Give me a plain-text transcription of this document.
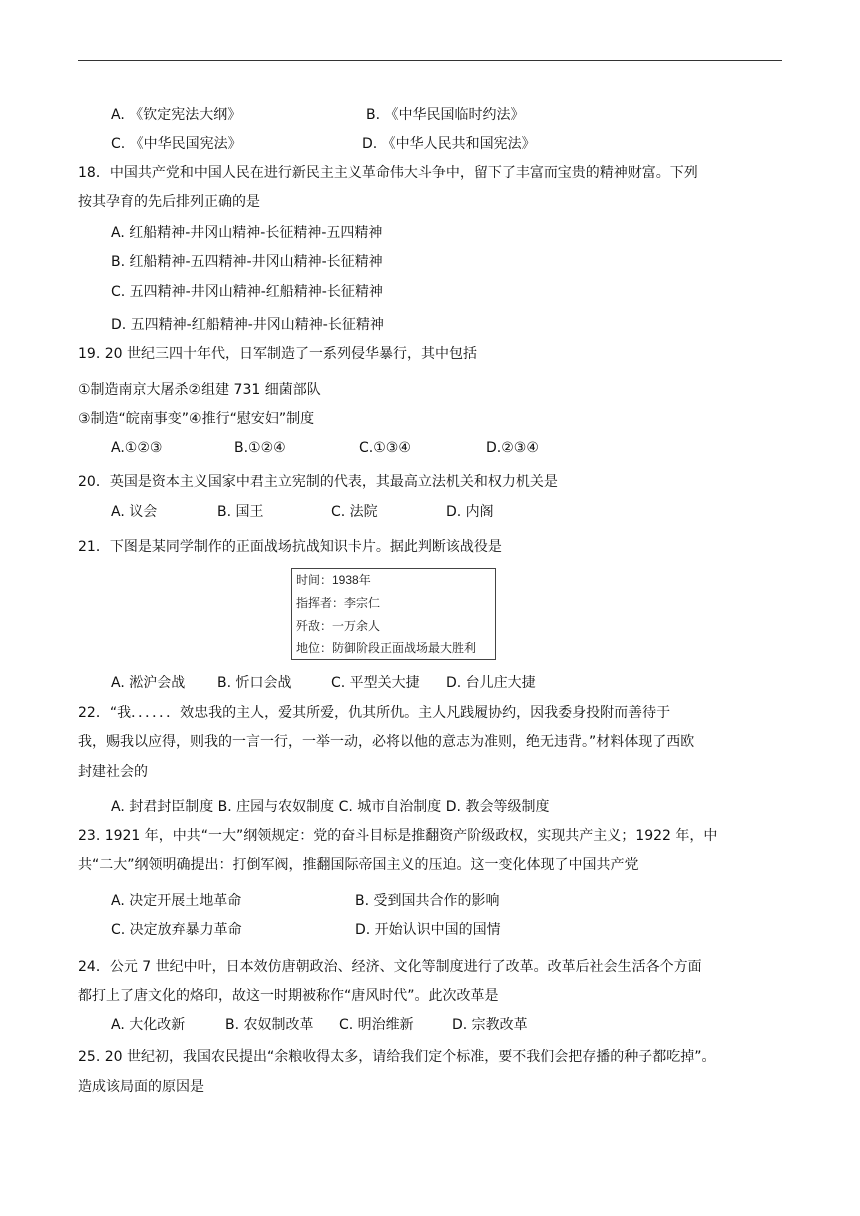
A. 《钦定宪法大纲》	B. 《中华民国临时约法》
C. 《中华民国宪法》	D. 《中华人民共和国宪法》
18．中国共产党和中国人民在进行新民主主义革命伟大斗争中，留下了丰富而宝贵的精神财富。下列
按其孕育的先后排列正确的是
A. 红船精神-井冈山精神-长征精神-五四精神
B. 红船精神-五四精神-井冈山精神-长征精神
C. 五四精神-井冈山精神-红船精神-长征精神
D. 五四精神-红船精神-井冈山精神-长征精神
19. 20 世纪三四十年代，日军制造了一系列侵华暴行，其中包括
①制造南京大屠杀②组建 731 细菌部队
③制造“皖南事变”④推行“慰安妇”制度
A.①②③	B.①②④	C.①③④	D.②③④
20．英国是资本主义国家中君主立宪制的代表，其最高立法机关和权力机关是
A. 议会	B. 国王	C. 法院	D. 内阁
21．下图是某同学制作的正面战场抗战知识卡片。据此判断该战役是
时间：1938年
指挥者：李宗仁
歼敌：一万余人
地位：防御阶段正面战场最大胜利
A. 淞沪会战 B. 忻口会战	C. 平型关大捷 D. 台儿庄大捷
22．“我．．．．．．效忠我的主人，爱其所爱，仇其所仇。主人凡践履协约，因我委身投附而善待于
我，赐我以应得，则我的一言一行，一举一动，必将以他的意志为准则，绝无违背。”材料体现了西欧
封建社会的
A. 封君封臣制度 B. 庄园与农奴制度 C. 城市自治制度 D. 教会等级制度
23. 1921 年，中共“一大”纲领规定：党的奋斗目标是推翻资产阶级政权，实现共产主义；1922 年，中
共“二大”纲领明确提出：打倒军阀，推翻国际帝国主义的压迫。这一变化体现了中国共产党
A. 决定开展土地革命	B. 受到国共合作的影响
C. 决定放弃暴力革命	D. 开始认识中国的国情
24．公元 7 世纪中叶，日本效仿唐朝政治、经济、文化等制度进行了改革。改革后社会生活各个方面
都打上了唐文化的烙印，故这一时期被称作“唐风时代”。此次改革是
A. 大化改新	B. 农奴制改革 C. 明治维新	D. 宗教改革
25. 20 世纪初，我国农民提出“余粮收得太多，请给我们定个标准，要不我们会把存播的种子都吃掉”。
造成该局面的原因是
